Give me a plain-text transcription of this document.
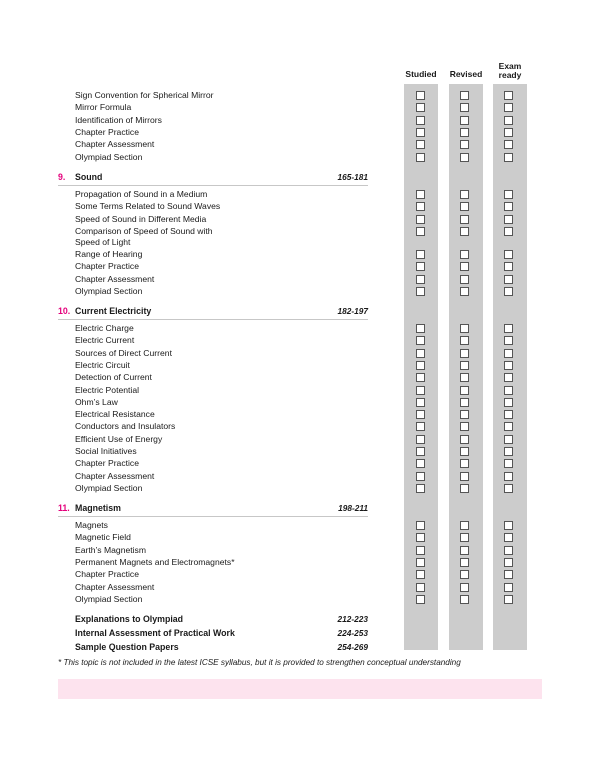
Studied Revised
Exam
ready
Sign Convention for Spherical Mirror
Mirror Formula
Identification of Mirrors
Chapter Practice
Chapter Assessment
Olympiad Section
9. Sound	165-181
Propagation of Sound in a Medium
Some Terms Related to Sound Waves
Speed of Sound in Different Media
Comparison of Speed of Sound with
Speed of Light
Range of Hearing
Chapter Practice
Chapter Assessment
Olympiad Section
10. Current Electricity	182-197
Electric Charge
Electric Current
Sources of Direct Current
Electric Circuit
Detection of Current
Electric Potential
Ohm’s Law
Electrical Resistance
Conductors and Insulators
Efficient Use of Energy
Social Initiatives
Chapter Practice
Chapter Assessment
Olympiad Section
11. Magnetism	198-211
Magnets
Magnetic Field
Earth’s Magnetism
Permanent Magnets and Electromagnets*
Chapter Practice
Chapter Assessment
Olympiad Section
Explanations to Olympiad	212-223
Internal Assessment of Practical Work	224-253
Sample Question Papers	254-269
* This topic is not included in the latest ICSE syllabus, but it is provided to strengthen conceptual understanding
